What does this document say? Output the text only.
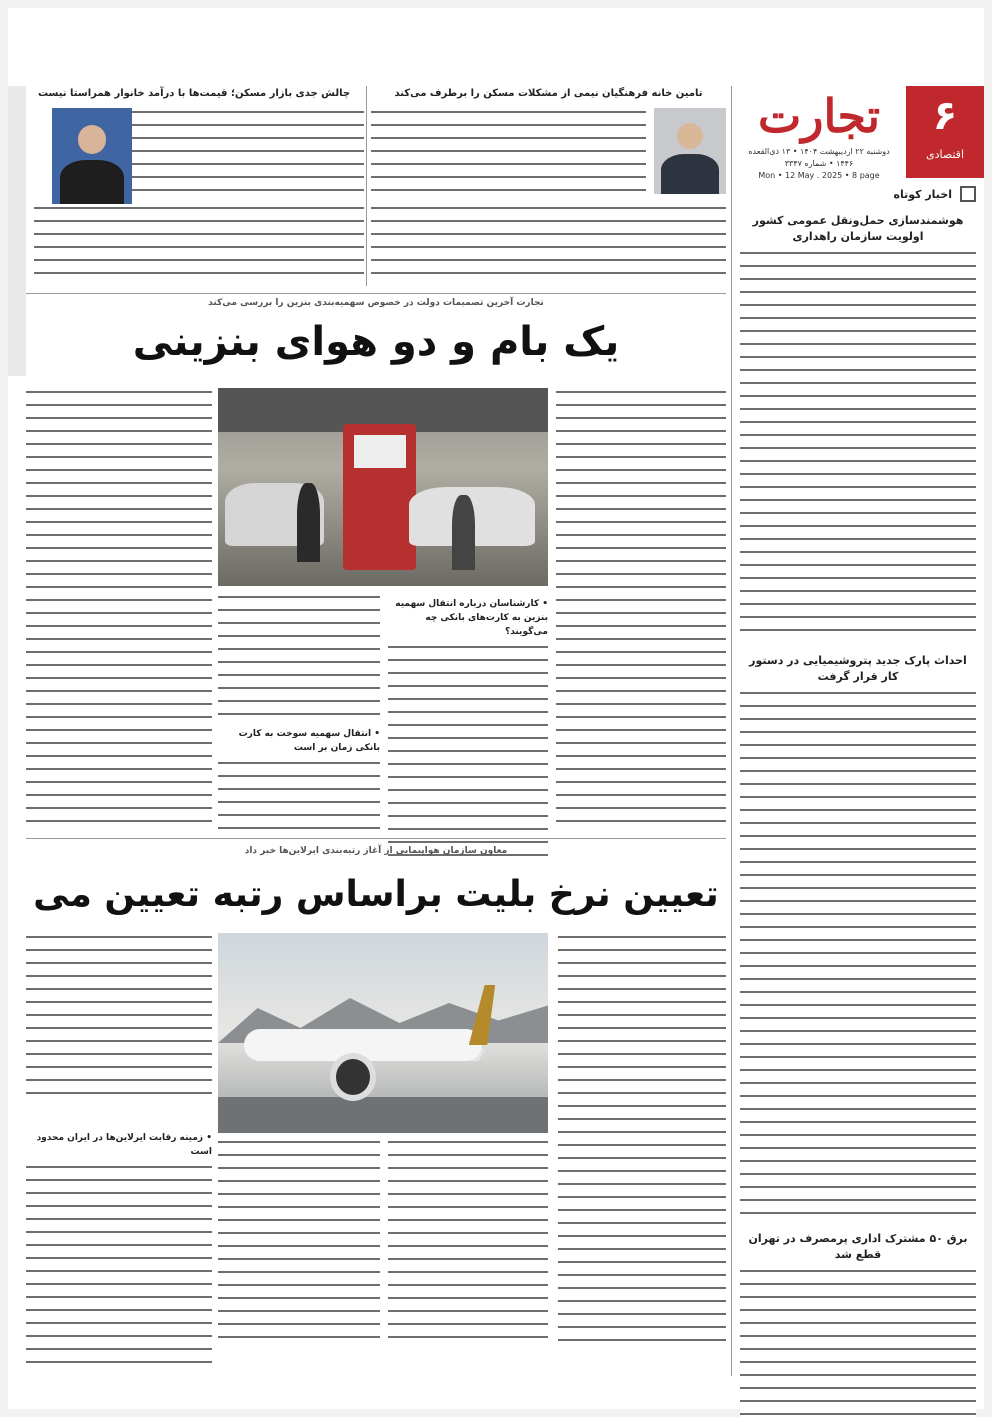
۶
اقتصادی
تجارت
دوشنبه ۲۲ اردیبهشت ۱۴۰۴ • ۱۳ ذی‌القعده ۱۴۴۶ • شماره ۳۳۴۷
Mon • 12 May . 2025 • 8 page
اخبار کوتاه
هوشمندسازی حمل‌ونقل عمومی کشور اولویت سازمان راهداری
احداث پارک جدید پتروشیمیایی در دستور کار قرار گرفت
برق ۵۰ مشترک اداری پرمصرف در تهران قطع شد
تامین خانه فرهنگیان نیمی از مشکلات مسکن را برطرف می‌کند
چالش جدی بازار مسکن؛ قیمت‌ها با درآمد خانوار همراستا نیست
تجارت آخرین تصمیمات دولت در خصوص سهمیه‌بندی بنزین را بررسی می‌کند
یک بام و دو هوای بنزینی
• کارشناسان درباره انتقال سهمیه بنزین به کارت‌های بانکی چه می‌گویند؟
• انتقال سهمیه سوخت به کارت بانکی زمان بر است
معاون سازمان هواپیمایی از آغاز رتبه‌بندی ایرلاین‌ها خبر داد
تعیین نرخ بلیت براساس رتبه تعیین می
• زمینه رقابت ایرلاین‌ها در ایران محدود است
